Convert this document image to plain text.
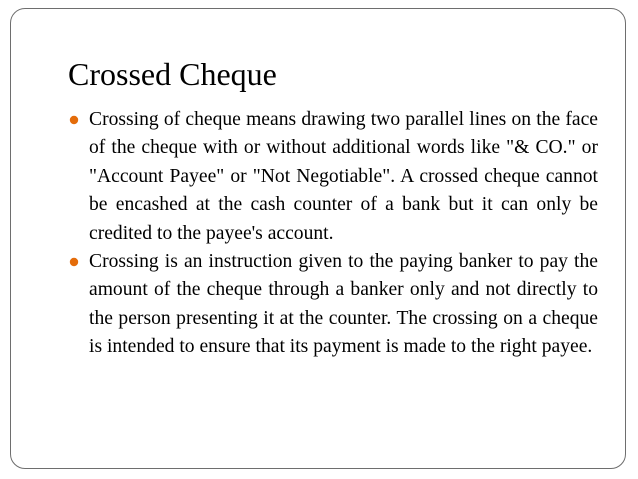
Crossed Cheque
Crossing of cheque means drawing two parallel lines on the face of the cheque with or without additional words like "& CO." or "Account Payee" or "Not Negotiable". A crossed cheque cannot be encashed at the cash counter of a bank but it can only be credited to the payee's account.
Crossing is an instruction given to the paying banker to pay the amount of the cheque through a banker only and not directly to the person presenting it at the counter. The crossing on a cheque is intended to ensure that its payment is made to the right payee.
